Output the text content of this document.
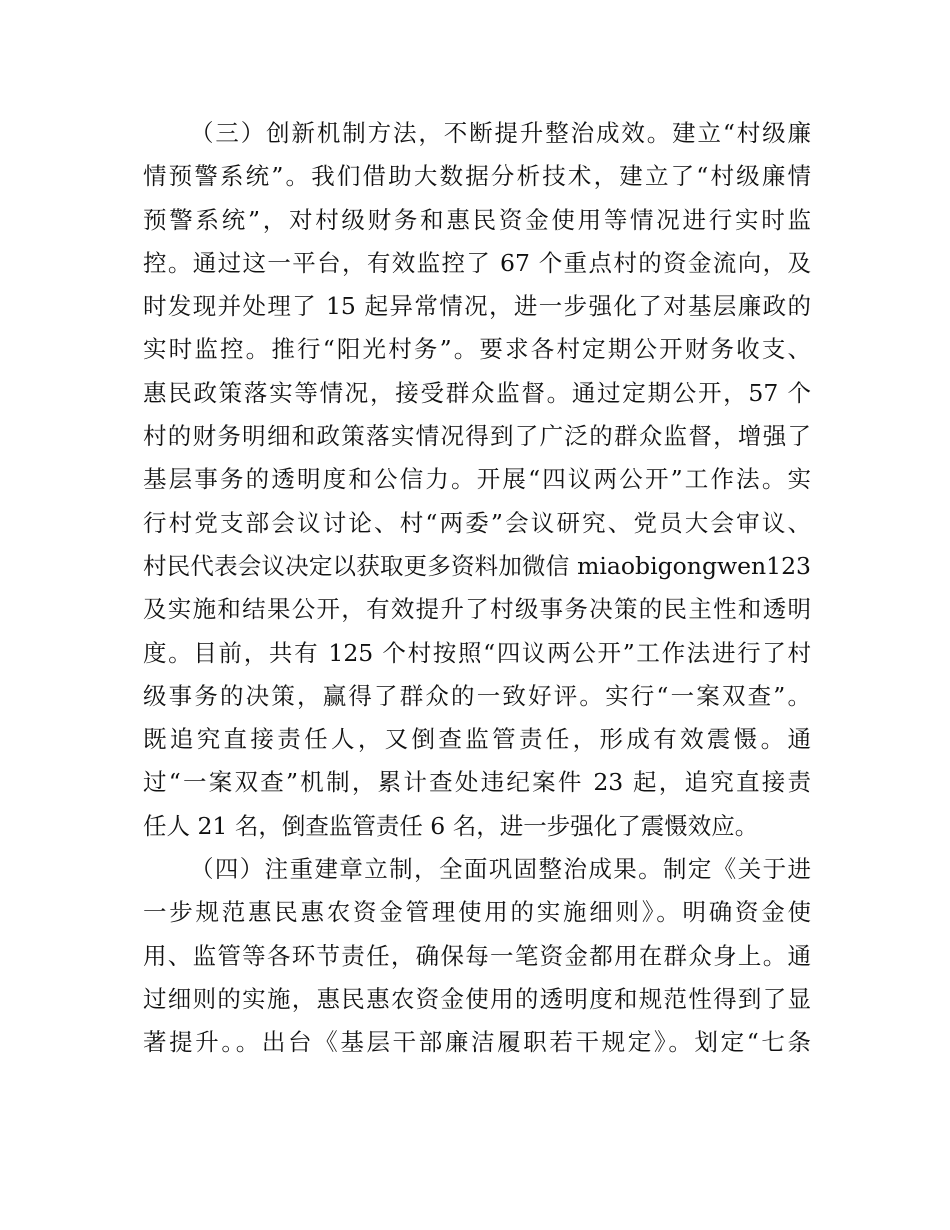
（三）创新机制方法，不断提升整治成效。建立“村级廉
情预警系统”。我们借助大数据分析技术，建立了“村级廉情
预警系统”，对村级财务和惠民资金使用等情况进行实时监
控。通过这一平台，有效监控了 67 个重点村的资金流向，及
时发现并处理了 15 起异常情况，进一步强化了对基层廉政的
实时监控。推行“阳光村务”。要求各村定期公开财务收支、
惠民政策落实等情况，接受群众监督。通过定期公开，57 个
村的财务明细和政策落实情况得到了广泛的群众监督，增强了
基层事务的透明度和公信力。开展“四议两公开”工作法。实
行村党支部会议讨论、村“两委”会议研究、党员大会审议、
村民代表会议决定以获取更多资料加微信 miaobigongwen123
及实施和结果公开，有效提升了村级事务决策的民主性和透明
度。目前，共有 125 个村按照“四议两公开”工作法进行了村
级事务的决策，赢得了群众的一致好评。实行“一案双查”。
既追究直接责任人，又倒查监管责任，形成有效震慑。通
过“一案双查”机制，累计查处违纪案件 23 起，追究直接责
任人 21 名，倒查监管责任 6 名，进一步强化了震慑效应。
（四）注重建章立制，全面巩固整治成果。制定《关于进
一步规范惠民惠农资金管理使用的实施细则》。明确资金使
用、监管等各环节责任，确保每一笔资金都用在群众身上。通
过细则的实施，惠民惠农资金使用的透明度和规范性得到了显
著提升。。出台《基层干部廉洁履职若干规定》。划定“七条
